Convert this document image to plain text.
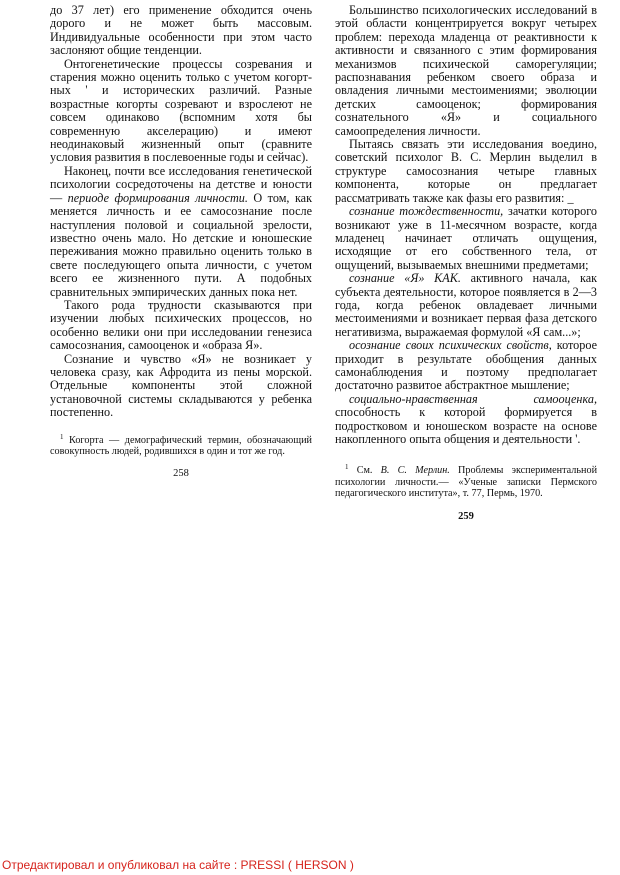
до 37 лет) его применение обходится очень дорого и не может быть массовым. Индивидуальные особенности при этом часто заслоняют общие тенденции.

Онтогенетические процессы созревания и старения можно оценить только с учетом когорт-ных ' и исторических различий. Разные возрастные когорты созревают и взрослеют не совсем одинаково (вспомним хотя бы современную акселерацию) и имеют неодинаковый жизненный опыт (сравните условия развития в послевоенные годы и сейчас).

Наконец, почти все исследования генетической психологии сосредоточены на детстве и юности — периоде формирования личности. О том, как меняется личность и ее самосознание после наступления половой и социальной зрелости, известно очень мало. Но детские и юношеские переживания можно правильно оценить только в свете последующего опыта личности, с учетом всего ее жизненного пути. А подобных сравнительных эмпирических данных пока нет.

Такого рода трудности сказываются при изучении любых психических процессов, но особенно велики они при исследовании генезиса самосознания, самооценок и «образа Я».

Сознание и чувство «Я» не возникает у человека сразу, как Афродита из пены морской. Отдельные компоненты этой сложной установочной системы складываются у ребенка постепенно.

$^1$ Когорта — демографический термин, обозначающий совокупность людей, родившихся в один и тот же год.

258

Большинство психологических исследований в этой области концентрируется вокруг четырех проблем: перехода младенца от реактивности к активности и связанного с этим формирования механизмов психической саморегуляции; распознавания ребенком своего образа и овладения личными местоимениями; эволюции детских самооценок; формирования сознательного «Я» и социального самоопределения личности.

Пытаясь связать эти исследования воедино, советский психолог В. С. Мерлин выделил в структуре самосознания четыре главных компонента, которые он предлагает рассматривать также как фазы его развития: _

сознание тождественности, зачатки которого возникают уже в 11-месячном возрасте, когда младенец начинает отличать ощущения, исходящие от его собственного тела, от ощущений, вызываемых внешними предметами;

сознание «Я» КАК. активного начала, как субъекта деятельности, которое появляется в 2—3 года, когда ребенок овладевает личными местоимениями и возникает первая фаза детского негативизма, выражаемая формулой «Я сам...»;

осознание своих психических свойств, которое приходит в результате обобщения данных самонаблюдения и поэтому предполагает достаточно развитое абстрактное мышление;

социально-нравственная самооценка, способность к которой формируется в подростковом и юношеском возрасте на основе накопленного опыта общения и деятельности '.

$^1$ См. В. С. Мерлин. Проблемы экспериментальной психологии личности.— «Ученые записки Пермского педагогического института», т. 77, Пермь, 1970.

259
Отредактировал и опубликовал на сайте : PRESSI ( HERSON )
